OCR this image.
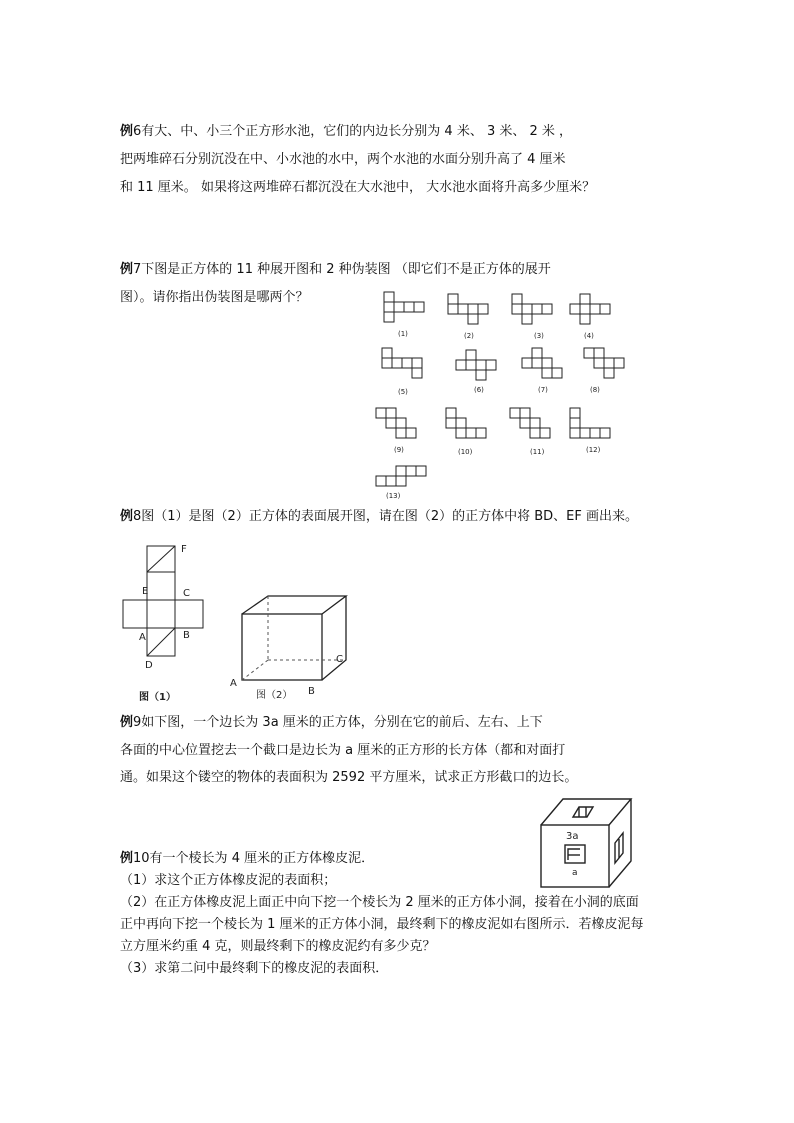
例6有大、中、小三个正方形水池，它们的内边长分别为 4 米、 3 米、 2 米 ，
把两堆碎石分别沉没在中、小水池的水中，两个水池的水面分别升高了 4 厘米
和 11 厘米。 如果将这两堆碎石都沉没在大水池中， 大水池水面将升高多少厘米？
例7下图是正方体的 11 种展开图和 2 种伪装图 （即它们不是正方体的展开
图）。请你指出伪装图是哪两个？
(1)	(2)	(3)	(4)
(5)	(6)	(7)	(8)
(9)	(10)	(11)	(12)
(13)
例8图（1）是图（2）正方体的表面展开图，请在图（2）的正方体中将 BD、EF 画出来。
F
E	C
A	B
D
图（1）
A
B
C
图（2）
例9如下图，一个边长为 3a 厘米的正方体，分别在它的前后、左右、上下
各面的中心位置挖去一个截口是边长为 a 厘米的正方形的长方体（都和对面打
通。如果这个镂空的物体的表面积为 2592 平方厘米，试求正方形截口的边长。
3a
a
例10有一个棱长为 4 厘米的正方体橡皮泥．
（1）求这个正方体橡皮泥的表面积；
（2）在正方体橡皮泥上面正中向下挖一个棱长为 2 厘米的正方体小洞，接着在小洞的底面
正中再向下挖一个棱长为 1 厘米的正方体小洞，最终剩下的橡皮泥如右图所示．若橡皮泥每
立方厘米约重 4 克，则最终剩下的橡皮泥约有多少克？
（3）求第二问中最终剩下的橡皮泥的表面积．
